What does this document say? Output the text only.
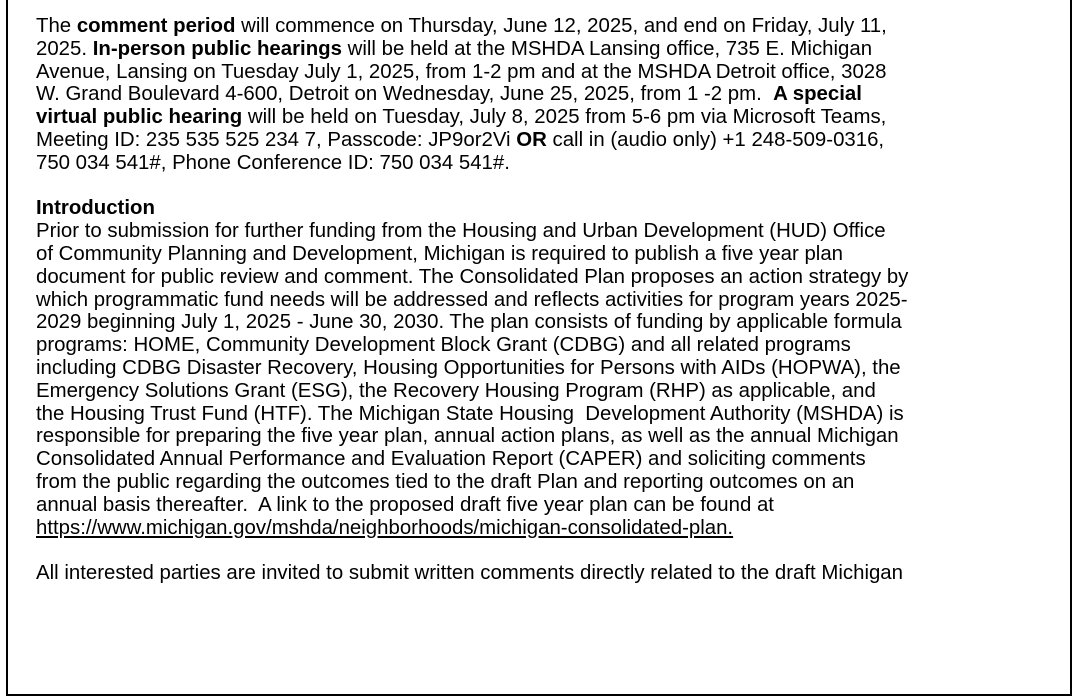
The comment period will commence on Thursday, June 12, 2025, and end on Friday, July 11,
2025. In-person public hearings will be held at the MSHDA Lansing office, 735 E. Michigan
Avenue, Lansing on Tuesday July 1, 2025, from 1-2 pm and at the MSHDA Detroit office, 3028
W. Grand Boulevard 4-600, Detroit on Wednesday, June 25, 2025, from 1 -2 pm.  A special
virtual public hearing will be held on Tuesday, July 8, 2025 from 5-6 pm via Microsoft Teams,
Meeting ID: 235 535 525 234 7, Passcode: JP9or2Vi OR call in (audio only) +1 248-509-0316,
750 034 541#, Phone Conference ID: 750 034 541#.

Introduction

Prior to submission for further funding from the Housing and Urban Development (HUD) Office
of Community Planning and Development, Michigan is required to publish a five year plan
document for public review and comment. The Consolidated Plan proposes an action strategy by
which programmatic fund needs will be addressed and reflects activities for program years 2025-
2029 beginning July 1, 2025 - June 30, 2030. The plan consists of funding by applicable formula
programs: HOME, Community Development Block Grant (CDBG) and all related programs
including CDBG Disaster Recovery, Housing Opportunities for Persons with AIDs (HOPWA), the
Emergency Solutions Grant (ESG), the Recovery Housing Program (RHP) as applicable, and
the Housing Trust Fund (HTF). The Michigan State Housing  Development Authority (MSHDA) is
responsible for preparing the five year plan, annual action plans, as well as the annual Michigan
Consolidated Annual Performance and Evaluation Report (CAPER) and soliciting comments
from the public regarding the outcomes tied to the draft Plan and reporting outcomes on an
annual basis thereafter.  A link to the proposed draft five year plan can be found at

https://www.michigan.gov/mshda/neighborhoods/michigan-consolidated-plan.

All interested parties are invited to submit written comments directly related to the draft Michigan
